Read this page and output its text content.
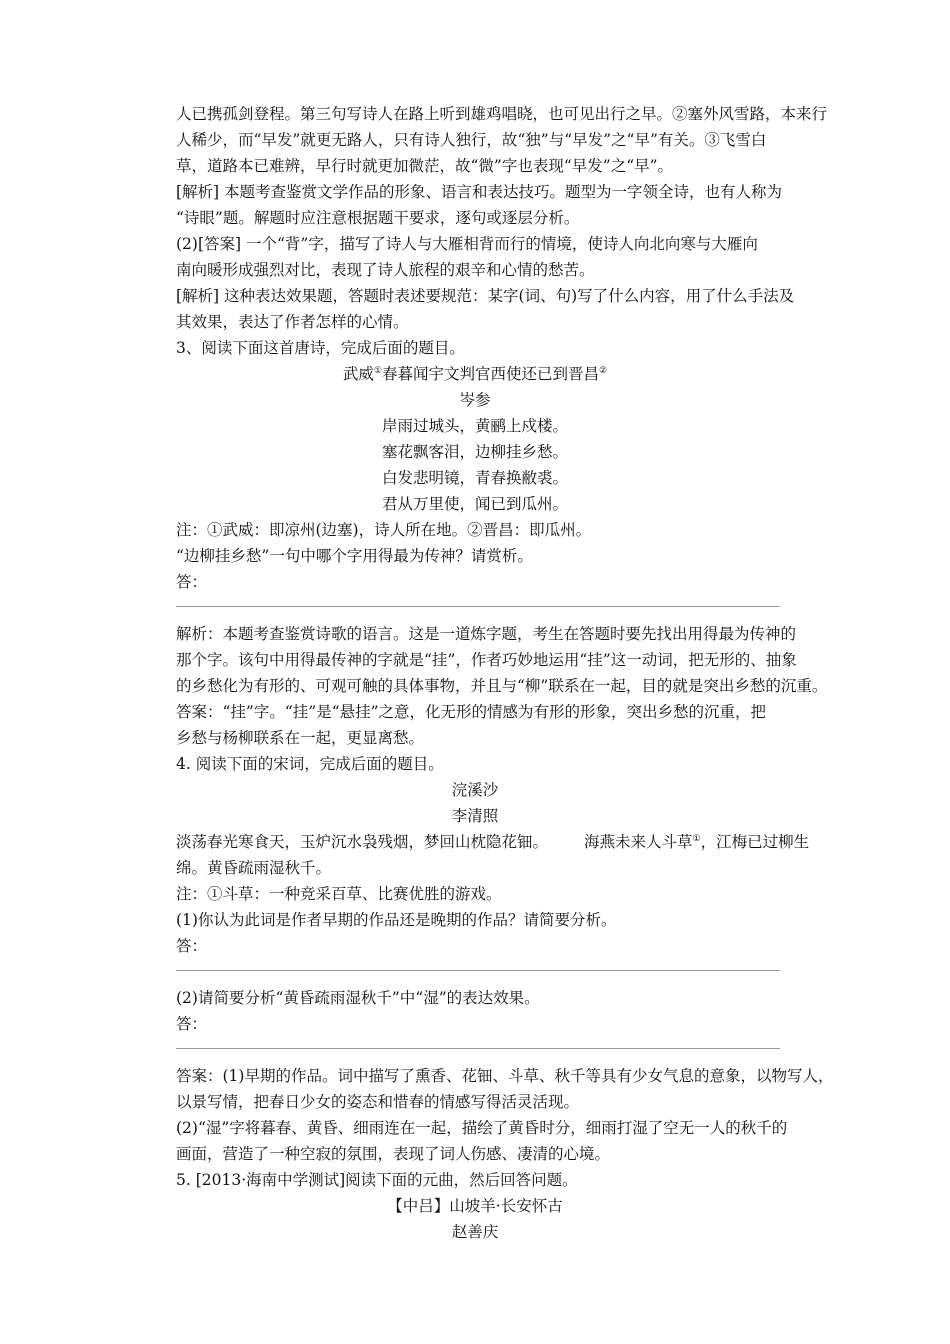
人已携孤剑登程。第三句写诗人在路上听到雄鸡唱晓，也可见出行之早。②塞外风雪路，本来行
人稀少，而“早发”就更无路人，只有诗人独行，故“独”与“早发”之“早”有关。③飞雪白
草，道路本已难辨，早行时就更加微茫，故“微”字也表现“早发”之“早”。
[解析] 本题考查鉴赏文学作品的形象、语言和表达技巧。题型为一字领全诗，也有人称为
“诗眼”题。解题时应注意根据题干要求，逐句或逐层分析。
(2)[答案] 一个“背”字，描写了诗人与大雁相背而行的情境，使诗人向北向寒与大雁向
南向暖形成强烈对比，表现了诗人旅程的艰辛和心情的愁苦。
[解析] 这种表达效果题，答题时表述要规范：某字(词、句)写了什么内容，用了什么手法及
其效果，表达了作者怎样的心情。
3、阅读下面这首唐诗，完成后面的题目。
武威①春暮闻宇文判官西使还已到晋昌②
岑参
岸雨过城头，黄鹂上戍楼。
塞花飘客泪，边柳挂乡愁。
白发悲明镜，青春换敝裘。
君从万里使，闻已到瓜州。
注：①武威：即凉州(边塞)，诗人所在地。②晋昌：即瓜州。
“边柳挂乡愁”一句中哪个字用得最为传神？请赏析。
答：
解析：本题考查鉴赏诗歌的语言。这是一道炼字题，考生在答题时要先找出用得最为传神的
那个字。该句中用得最传神的字就是“挂”，作者巧妙地运用“挂”这一动词，把无形的、抽象
的乡愁化为有形的、可观可触的具体事物，并且与“柳”联系在一起，目的就是突出乡愁的沉重。
答案：“挂”字。“挂”是“悬挂”之意，化无形的情感为有形的形象，突出乡愁的沉重，把
乡愁与杨柳联系在一起，更显离愁。
4. 阅读下面的宋词，完成后面的题目。
浣溪沙
李清照
淡荡春光寒食天，玉炉沉水袅残烟，梦回山枕隐花钿。 海燕未来人斗草①，江梅已过柳生
绵。黄昏疏雨湿秋千。
注：①斗草：一种竞采百草、比赛优胜的游戏。
(1)你认为此词是作者早期的作品还是晚期的作品？请简要分析。
答：
(2)请简要分析“黄昏疏雨湿秋千”中“湿”的表达效果。
答：
答案：(1)早期的作品。词中描写了熏香、花钿、斗草、秋千等具有少女气息的意象，以物写人，
以景写情，把春日少女的姿态和惜春的情感写得活灵活现。
(2)“湿”字将暮春、黄昏、细雨连在一起，描绘了黄昏时分，细雨打湿了空无一人的秋千的
画面，营造了一种空寂的氛围，表现了词人伤感、凄清的心境。
5. [2013·海南中学测试]阅读下面的元曲，然后回答问题。
【中吕】山坡羊·长安怀古
赵善庆
